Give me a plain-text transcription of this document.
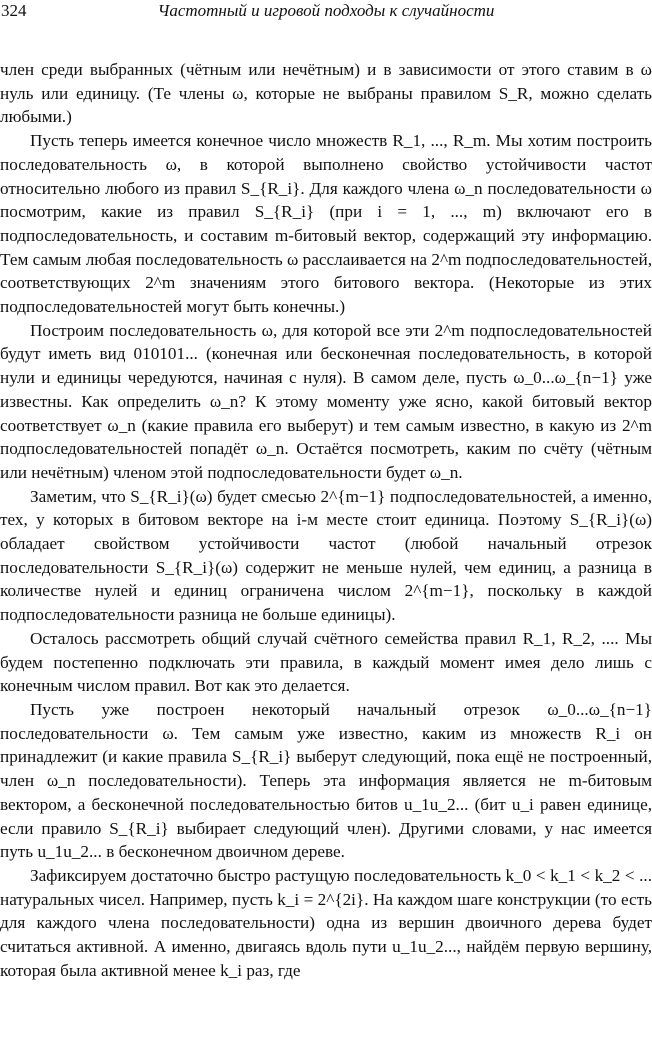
324	Частотный и игровой подходы к случайности

член среди выбранных (чётным или нечётным) и в зависимости от этого ставим в ω нуль или единицу. (Те члены ω, которые не выбраны правилом S_R, можно сделать любыми.)

Пусть теперь имеется конечное число множеств R_1, ..., R_m. Мы хотим построить последовательность ω, в которой выполнено свойство устойчивости частот относительно любого из правил S_{R_i}. Для каждого члена ω_n последовательности ω посмотрим, какие из правил S_{R_i} (при i = 1, ..., m) включают его в подпоследовательность, и составим m-битовый вектор, содержащий эту информацию. Тем самым любая последовательность ω расслаивается на 2^m подпоследовательностей, соответствующих 2^m значениям этого битового вектора. (Некоторые из этих подпоследовательностей могут быть конечны.)

Построим последовательность ω, для которой все эти 2^m подпоследовательностей будут иметь вид 010101... (конечная или бесконечная последовательность, в которой нули и единицы чередуются, начиная с нуля). В самом деле, пусть ω_0...ω_{n−1} уже известны. Как определить ω_n? К этому моменту уже ясно, какой битовый вектор соответствует ω_n (какие правила его выберут) и тем самым известно, в какую из 2^m подпоследовательностей попадёт ω_n. Остаётся посмотреть, каким по счёту (чётным или нечётным) членом этой подпоследовательности будет ω_n.

Заметим, что S_{R_i}(ω) будет смесью 2^{m−1} подпоследовательностей, а именно, тех, у которых в битовом векторе на i-м месте стоит единица. Поэтому S_{R_i}(ω) обладает свойством устойчивости частот (любой начальный отрезок последовательности S_{R_i}(ω) содержит не меньше нулей, чем единиц, а разница в количестве нулей и единиц ограничена числом 2^{m−1}, поскольку в каждой подпоследовательности разница не больше единицы).

Осталось рассмотреть общий случай счётного семейства правил R_1, R_2, .... Мы будем постепенно подключать эти правила, в каждый момент имея дело лишь с конечным числом правил. Вот как это делается.

Пусть уже построен некоторый начальный отрезок ω_0...ω_{n−1} последовательности ω. Тем самым уже известно, каким из множеств R_i он принадлежит (и какие правила S_{R_i} выберут следующий, пока ещё не построенный, член ω_n последовательности). Теперь эта информация является не m-битовым вектором, а бесконечной последовательностью битов u_1u_2... (бит u_i равен единице, если правило S_{R_i} выбирает следующий член). Другими словами, у нас имеется путь u_1u_2... в бесконечном двоичном дереве.

Зафиксируем достаточно быстро растущую последовательность k_0 < k_1 < k_2 < ... натуральных чисел. Например, пусть k_i = 2^{2i}. На каждом шаге конструкции (то есть для каждого члена последовательности) одна из вершин двоичного дерева будет считаться активной. А именно, двигаясь вдоль пути u_1u_2..., найдём первую вершину, которая была активной менее k_i раз, где
